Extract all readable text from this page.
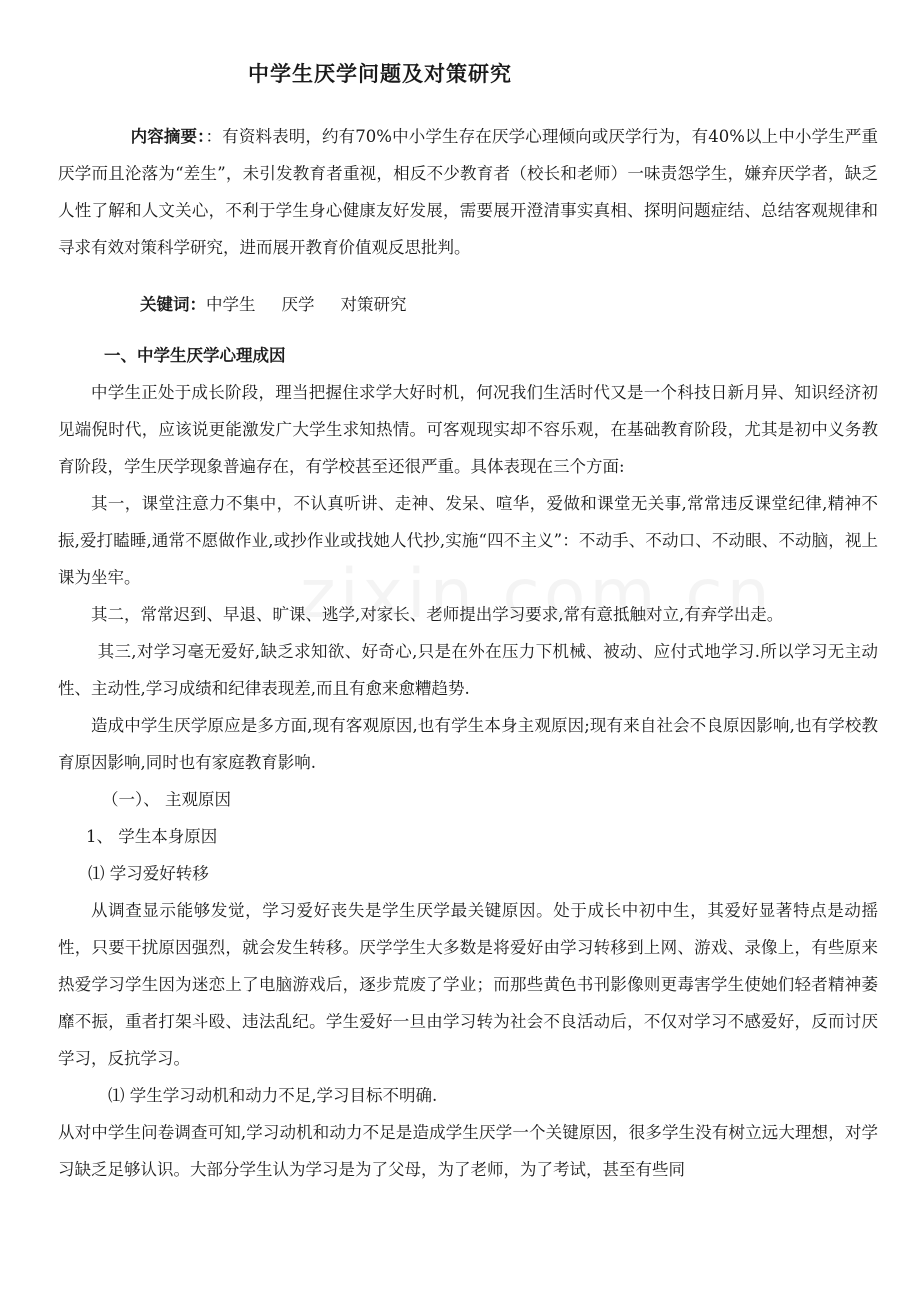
中学生厌学问题及对策研究

内容摘要：：有资料表明，约有70%中小学生存在厌学心理倾向或厌学行为，有40%以上中小学生严重厌学而且沦落为“差生”，未引发教育者重视，相反不少教育者（校长和老师）一味责怨学生，嫌弃厌学者，缺乏人性了解和人文关心，不利于学生身心健康友好发展，需要展开澄清事实真相、探明问题症结、总结客观规律和寻求有效对策科学研究，进而展开教育价值观反思批判。

关键词：中学生 厌学 对策研究

一、中学生厌学心理成因

中学生正处于成长阶段，理当把握住求学大好时机，何况我们生活时代又是一个科技日新月异、知识经济初见端倪时代，应该说更能激发广大学生求知热情。可客观现实却不容乐观，在基础教育阶段，尤其是初中义务教育阶段，学生厌学现象普遍存在，有学校甚至还很严重。具体表现在三个方面:

其一，课堂注意力不集中，不认真听讲、走神、发呆、喧华，爱做和课堂无关事,常常违反课堂纪律,精神不振,爱打瞌睡,通常不愿做作业,或抄作业或找她人代抄,实施“四不主义”：不动手、不动口、不动眼、不动脑，视上课为坐牢。

其二，常常迟到、早退、旷课、逃学,对家长、老师提出学习要求,常有意抵触对立,有弃学出走。

其三,对学习毫无爱好,缺乏求知欲、好奇心,只是在外在压力下机械、被动、应付式地学习.所以学习无主动性、主动性,学习成绩和纪律表现差,而且有愈来愈糟趋势.

造成中学生厌学原应是多方面,现有客观原因,也有学生本身主观原因;现有来自社会不良原因影响,也有学校教育原因影响,同时也有家庭教育影响.

（一）、 主观原因

1、 学生本身原因

⑴ 学习爱好转移

从调查显示能够发觉，学习爱好丧失是学生厌学最关键原因。处于成长中初中生，其爱好显著特点是动摇性，只要干扰原因强烈，就会发生转移。厌学学生大多数是将爱好由学习转移到上网、游戏、录像上，有些原来热爱学习学生因为迷恋上了电脑游戏后，逐步荒废了学业；而那些黄色书刊影像则更毒害学生使她们轻者精神萎靡不振，重者打架斗殴、违法乱纪。学生爱好一旦由学习转为社会不良活动后，不仅对学习不感爱好，反而讨厌学习，反抗学习。

⑴ 学生学习动机和动力不足,学习目标不明确.

从对中学生问卷调查可知,学习动机和动力不足是造成学生厌学一个关键原因，很多学生没有树立远大理想，对学习缺乏足够认识。大部分学生认为学习是为了父母，为了老师，为了考试，甚至有些同
